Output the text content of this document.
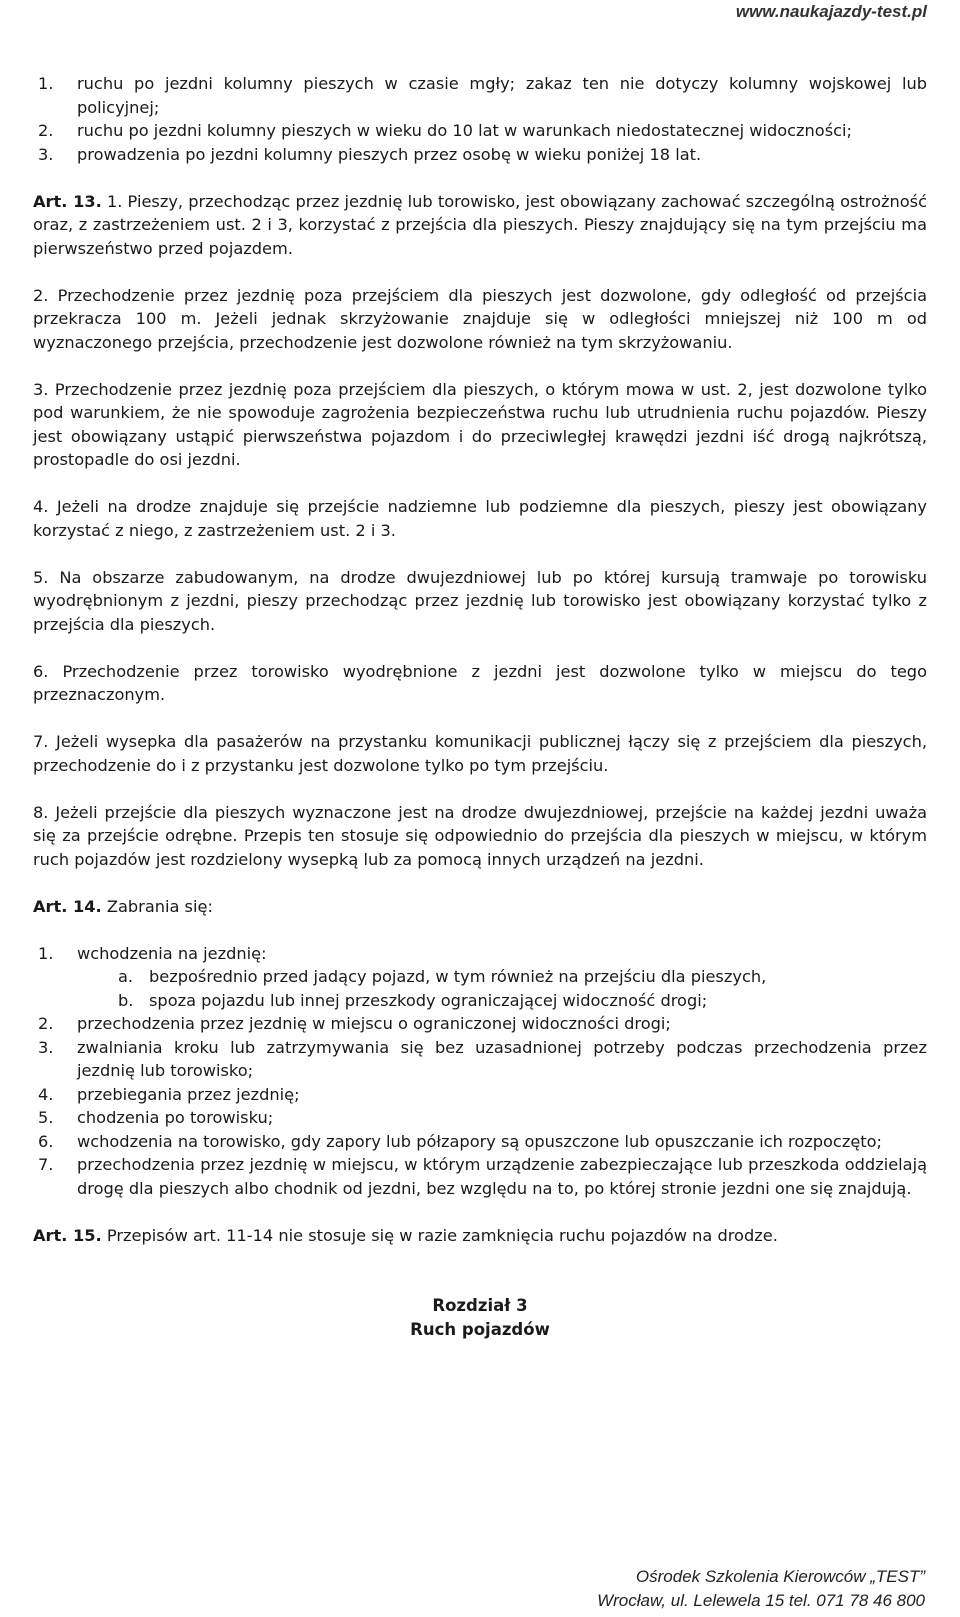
www.naukajazdy-test.pl
1. ruchu po jezdni kolumny pieszych w czasie mgły; zakaz ten nie dotyczy kolumny wojskowej lub policyjnej;
2. ruchu po jezdni kolumny pieszych w wieku do 10 lat w warunkach niedostatecznej widoczności;
3. prowadzenia po jezdni kolumny pieszych przez osobę w wieku poniżej 18 lat.

Art. 13. 1. Pieszy, przechodząc przez jezdnię lub torowisko, jest obowiązany zachować szczególną ostrożność oraz, z zastrzeżeniem ust. 2 i 3, korzystać z przejścia dla pieszych. Pieszy znajdujący się na tym przejściu ma pierwszeństwo przed pojazdem.

2. Przechodzenie przez jezdnię poza przejściem dla pieszych jest dozwolone, gdy odległość od przejścia przekracza 100 m. Jeżeli jednak skrzyżowanie znajduje się w odległości mniejszej niż 100 m od wyznaczonego przejścia, przechodzenie jest dozwolone również na tym skrzyżowaniu.

3. Przechodzenie przez jezdnię poza przejściem dla pieszych, o którym mowa w ust. 2, jest dozwolone tylko pod warunkiem, że nie spowoduje zagrożenia bezpieczeństwa ruchu lub utrudnienia ruchu pojazdów. Pieszy jest obowiązany ustąpić pierwszeństwa pojazdom i do przeciwległej krawędzi jezdni iść drogą najkrótszą, prostopadle do osi jezdni.

4. Jeżeli na drodze znajduje się przejście nadziemne lub podziemne dla pieszych, pieszy jest obowiązany korzystać z niego, z zastrzeżeniem ust. 2 i 3.

5. Na obszarze zabudowanym, na drodze dwujezdniowej lub po której kursują tramwaje po torowisku wyodrębnionym z jezdni, pieszy przechodząc przez jezdnię lub torowisko jest obowiązany korzystać tylko z przejścia dla pieszych.

6. Przechodzenie przez torowisko wyodrębnione z jezdni jest dozwolone tylko w miejscu do tego przeznaczonym.

7. Jeżeli wysepka dla pasażerów na przystanku komunikacji publicznej łączy się z przejściem dla pieszych, przechodzenie do i z przystanku jest dozwolone tylko po tym przejściu.

8. Jeżeli przejście dla pieszych wyznaczone jest na drodze dwujezdniowej, przejście na każdej jezdni uważa się za przejście odrębne. Przepis ten stosuje się odpowiednio do przejścia dla pieszych w miejscu, w którym ruch pojazdów jest rozdzielony wysepką lub za pomocą innych urządzeń na jezdni.

Art. 14. Zabrania się:

1. wchodzenia na jezdnię:
a. bezpośrednio przed jadący pojazd, w tym również na przejściu dla pieszych,
b. spoza pojazdu lub innej przeszkody ograniczającej widoczność drogi;
2. przechodzenia przez jezdnię w miejscu o ograniczonej widoczności drogi;
3. zwalniania kroku lub zatrzymywania się bez uzasadnionej potrzeby podczas przechodzenia przez jezdnię lub torowisko;
4. przebiegania przez jezdnię;
5. chodzenia po torowisku;
6. wchodzenia na torowisko, gdy zapory lub półzapory są opuszczone lub opuszczanie ich rozpoczęto;
7. przechodzenia przez jezdnię w miejscu, w którym urządzenie zabezpieczające lub przeszkoda oddzielają drogę dla pieszych albo chodnik od jezdni, bez względu na to, po której stronie jezdni one się znajdują.

Art. 15. Przepisów art. 11-14 nie stosuje się w razie zamknięcia ruchu pojazdów na drodze.

Rozdział 3

Ruch pojazdów

Ośrodek Szkolenia Kierowców „TEST”
Wrocław, ul. Lelewela 15 tel. 071 78 46 800
